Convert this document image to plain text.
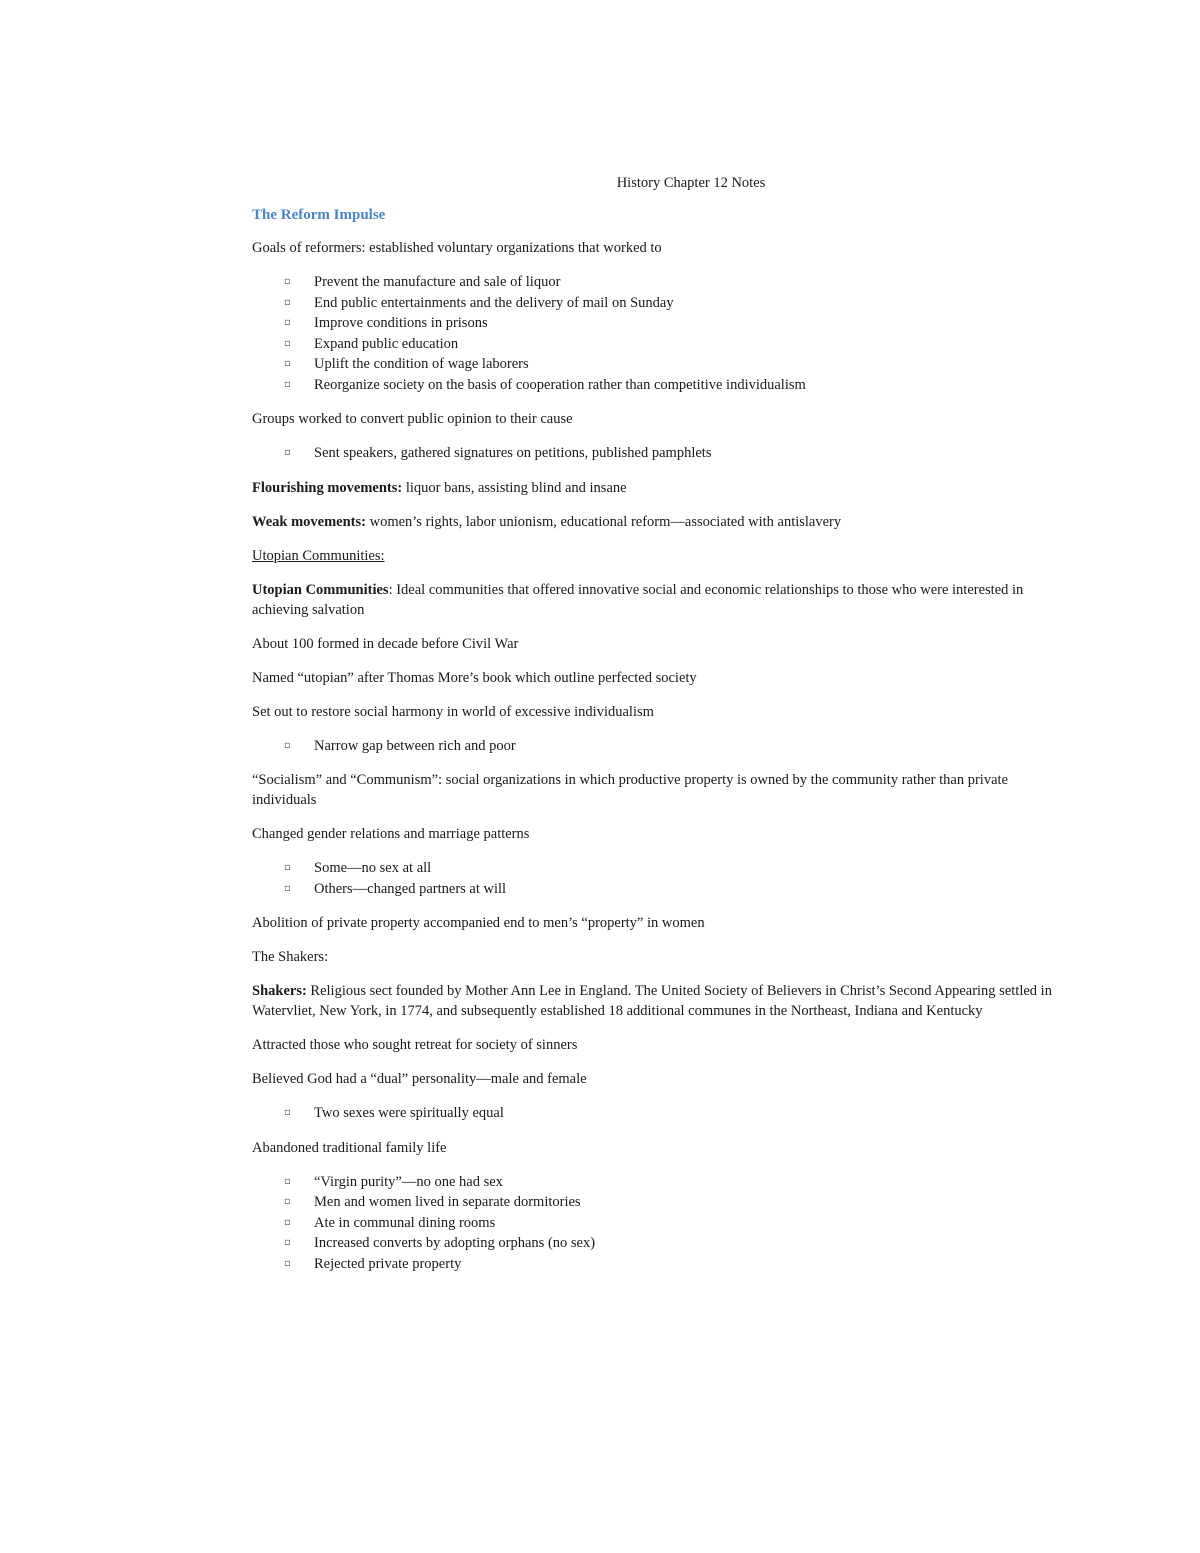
History Chapter 12 Notes
The Reform Impulse

Goals of reformers: established voluntary organizations that worked to

▫ Prevent the manufacture and sale of liquor
▫ End public entertainments and the delivery of mail on Sunday
▫ Improve conditions in prisons
▫ Expand public education
▫ Uplift the condition of wage laborers
▫ Reorganize society on the basis of cooperation rather than competitive individualism

Groups worked to convert public opinion to their cause

▫ Sent speakers, gathered signatures on petitions, published pamphlets

Flourishing movements: liquor bans, assisting blind and insane

Weak movements: women’s rights, labor unionism, educational reform—associated with antislavery

Utopian Communities:

Utopian Communities: Ideal communities that offered innovative social and economic relationships to those who were interested in achieving salvation

About 100 formed in decade before Civil War

Named “utopian” after Thomas More’s book which outline perfected society

Set out to restore social harmony in world of excessive individualism

▫ Narrow gap between rich and poor

“Socialism” and “Communism”: social organizations in which productive property is owned by the community rather than private individuals

Changed gender relations and marriage patterns

▫ Some—no sex at all
▫ Others—changed partners at will

Abolition of private property accompanied end to men’s “property” in women

The Shakers:

Shakers: Religious sect founded by Mother Ann Lee in England. The United Society of Believers in Christ’s Second Appearing settled in Watervliet, New York, in 1774, and subsequently established 18 additional communes in the Northeast, Indiana and Kentucky

Attracted those who sought retreat for society of sinners

Believed God had a “dual” personality—male and female

▫ Two sexes were spiritually equal

Abandoned traditional family life

▫ “Virgin purity”—no one had sex
▫ Men and women lived in separate dormitories
▫ Ate in communal dining rooms
▫ Increased converts by adopting orphans (no sex)
▫ Rejected private property
